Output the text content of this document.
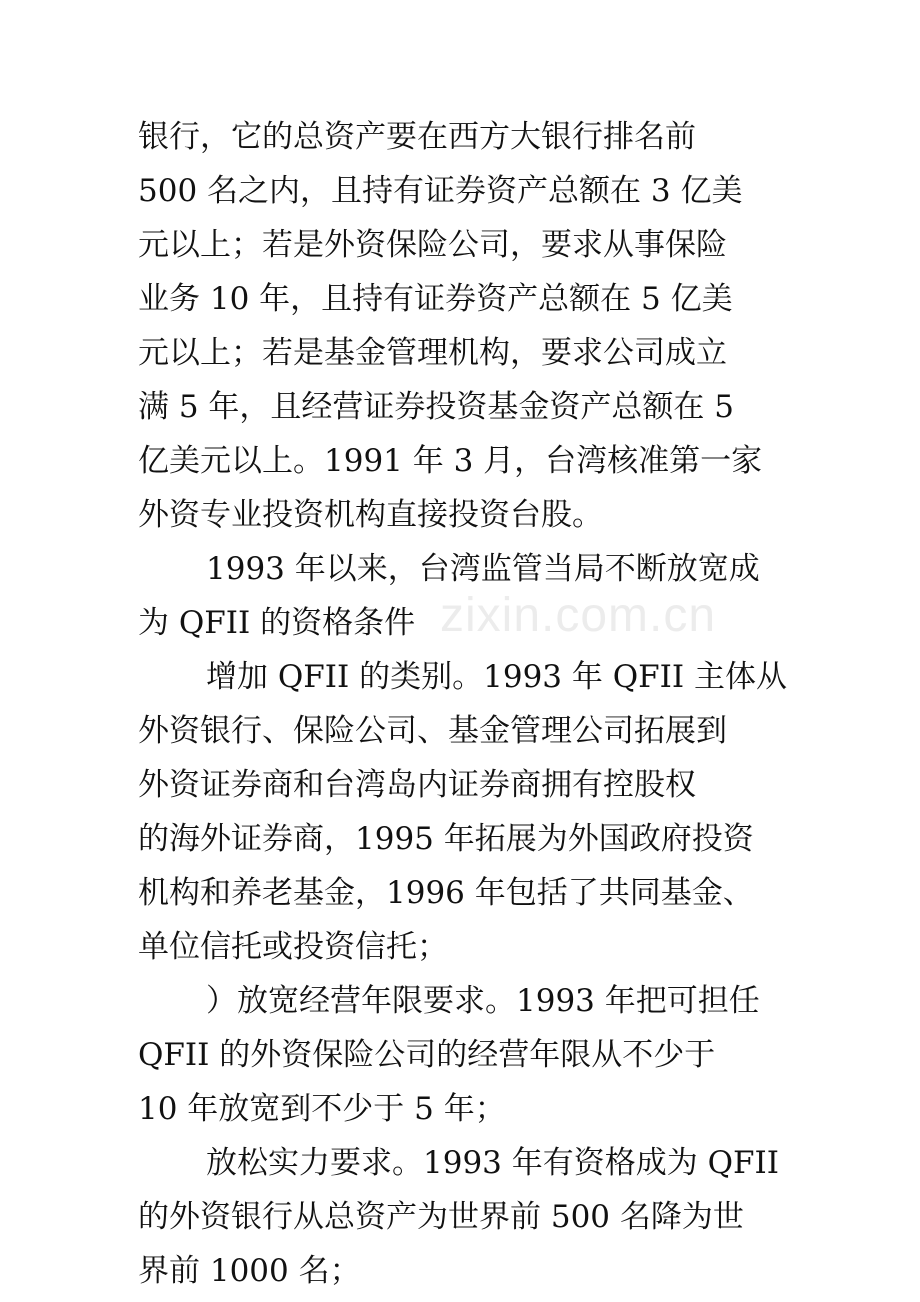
银行，它的总资产要在西方大银行排名前
500 名之内，且持有证券资产总额在 3 亿美
元以上；若是外资保险公司，要求从事保险
业务 10 年，且持有证券资产总额在 5 亿美
元以上；若是基金管理机构，要求公司成立
满 5 年，且经营证券投资基金资产总额在 5
亿美元以上。1991 年 3 月，台湾核准第一家
外资专业投资机构直接投资台股。
1993 年以来，台湾监管当局不断放宽成
为 QFII 的资格条件
增加 QFII 的类别。1993 年 QFII 主体从
外资银行、保险公司、基金管理公司拓展到
外资证券商和台湾岛内证券商拥有控股权
的海外证券商，1995 年拓展为外国政府投资
机构和养老基金，1996 年包括了共同基金、
单位信托或投资信托；
）放宽经营年限要求。1993 年把可担任
QFII 的外资保险公司的经营年限从不少于
10 年放宽到不少于 5 年；
放松实力要求。1993 年有资格成为 QFII
的外资银行从总资产为世界前 500 名降为世
界前 1000 名；
zixin.com.cn
